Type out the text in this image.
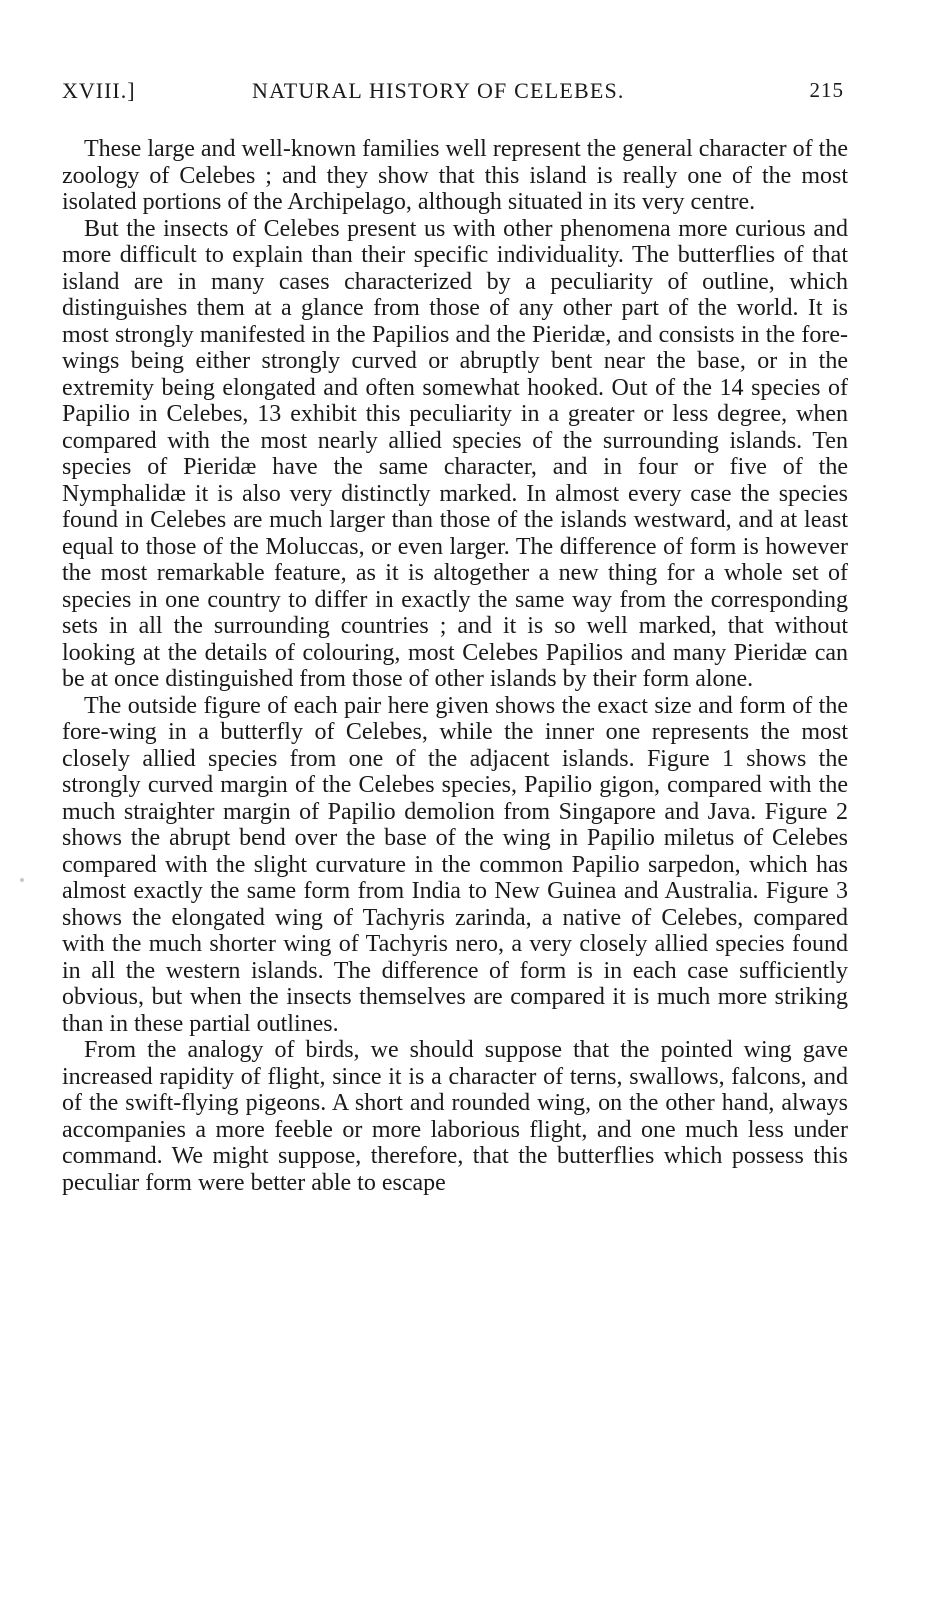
XVIII.]	NATURAL HISTORY OF CELEBES.	215

These large and well-known families well represent the general character of the zoology of Celebes ; and they show that this island is really one of the most isolated portions of the Archipelago, although situated in its very centre.

But the insects of Celebes present us with other phenomena more curious and more difficult to explain than their specific individuality. The butterflies of that island are in many cases characterized by a peculiarity of outline, which distinguishes them at a glance from those of any other part of the world. It is most strongly manifested in the Papilios and the Pieridæ, and consists in the fore-wings being either strongly curved or abruptly bent near the base, or in the extremity being elongated and often somewhat hooked. Out of the 14 species of Papilio in Celebes, 13 exhibit this peculiarity in a greater or less degree, when compared with the most nearly allied species of the surrounding islands. Ten species of Pieridæ have the same character, and in four or five of the Nymphalidæ it is also very distinctly marked. In almost every case the species found in Celebes are much larger than those of the islands westward, and at least equal to those of the Moluccas, or even larger. The difference of form is however the most remarkable feature, as it is altogether a new thing for a whole set of species in one country to differ in exactly the same way from the corresponding sets in all the surrounding countries ; and it is so well marked, that without looking at the details of colouring, most Celebes Papilios and many Pieridæ can be at once distinguished from those of other islands by their form alone.

The outside figure of each pair here given shows the exact size and form of the fore-wing in a butterfly of Celebes, while the inner one represents the most closely allied species from one of the adjacent islands. Figure 1 shows the strongly curved margin of the Celebes species, Papilio gigon, compared with the much straighter margin of Papilio demolion from Singapore and Java. Figure 2 shows the abrupt bend over the base of the wing in Papilio miletus of Celebes compared with the slight curvature in the common Papilio sarpedon, which has almost exactly the same form from India to New Guinea and Australia. Figure 3 shows the elongated wing of Tachyris zarinda, a native of Celebes, compared with the much shorter wing of Tachyris nero, a very closely allied species found in all the western islands. The difference of form is in each case sufficiently obvious, but when the insects themselves are compared it is much more striking than in these partial outlines.

From the analogy of birds, we should suppose that the pointed wing gave increased rapidity of flight, since it is a character of terns, swallows, falcons, and of the swift-flying pigeons. A short and rounded wing, on the other hand, always accompanies a more feeble or more laborious flight, and one much less under command. We might suppose, therefore, that the butterflies which possess this peculiar form were better able to escape
